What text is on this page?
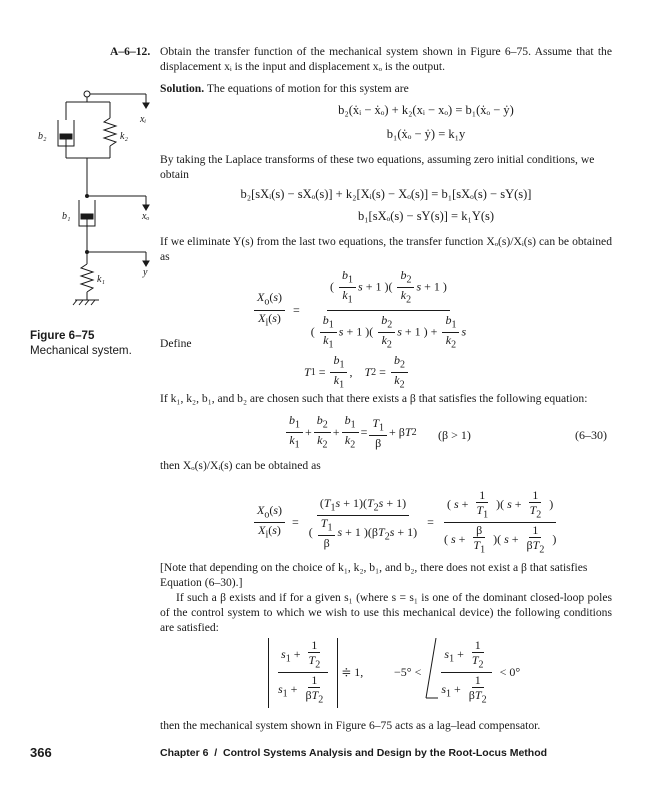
A–6–12. Obtain the transfer function of the mechanical system shown in Figure 6–75. Assume that the displacement xᵢ is the input and displacement xₒ is the output.
Solution. The equations of motion for this system are
b₂(ẋᵢ − ẋₒ) + k₂(xᵢ − xₒ) = b₁(ẋₒ − ẏ)
b₁(ẋₒ − ẏ) = k₁y
By taking the Laplace transforms of these two equations, assuming zero initial conditions, we obtain
b₂[sXᵢ(s) − sXₒ(s)] + k₂[Xᵢ(s) − Xₒ(s)] = b₁[sXₒ(s) − sY(s)]
b₁[sXₒ(s) − sY(s)] = k₁Y(s)
If we eliminate Y(s) from the last two equations, the transfer function Xₒ(s)/Xᵢ(s) can be obtained as
$\frac{X_o(s)}{X_i(s)} = \frac{( \frac{b_1}{k_1} s + 1 )( \frac{b_2}{k_2} s + 1 )}{( \frac{b_1}{k_1} s + 1 )( \frac{b_2}{k_2} s + 1 ) + \frac{b_1}{k_2} s}$
Define
T $1 = \frac{b_1}{k_1}$ , T $2 = \frac{b_2}{k_2}$
If k₁, k₂, b₁, and b₂ are chosen such that there exists a β that satisfies the following equation:
$\frac{b_1}{k_1} + \frac{b_2}{k_2} + \frac{b_1}{k_2} = \frac{T_1}{\beta} + \beta$ T 2 (β > 1)	(6–30)
then Xₒ(s)/Xᵢ(s) can be obtained as
$\frac{X_o(s)}{X_i(s)} = \frac{(T_1s + 1)(T_2s + 1)}{( \frac{T_1}{\beta} s + 1 )(\beta T_2s + 1)} = \frac{( s + \frac{1}{T_1} )( s + \frac{1}{T_2} )}{( s + \frac{\beta}{T_1} )( s + \frac{1}{\beta T_2} )}$
[Note that depending on the choice of k₁, k₂, b₁, and b₂, there does not exist a β that satisfies Equation (6–30).]
If such a β exists and if for a given s₁ (where s = s₁ is one of the dominant closed-loop poles of the control system to which we wish to use this mechanical device) the following conditions are satisfied:
$\frac{s_1 + \frac{1}{T_2}}{s_1 + \frac{1}{\beta T_2}}$ ≑ 1,	$-5^\circ < \frac{s_1 + \frac{1}{T_2}}{s_1 + \frac{1}{\beta T_2}} < 0^\circ$
then the mechanical system shown in Figure 6–75 acts as a lag–lead compensator.
xᵢ
b₂	k₂
b₁	xₒ
y
k₁
Figure 6–75
Mechanical system.
366	Chapter 6 / Control Systems Analysis and Design by the Root-Locus Method
